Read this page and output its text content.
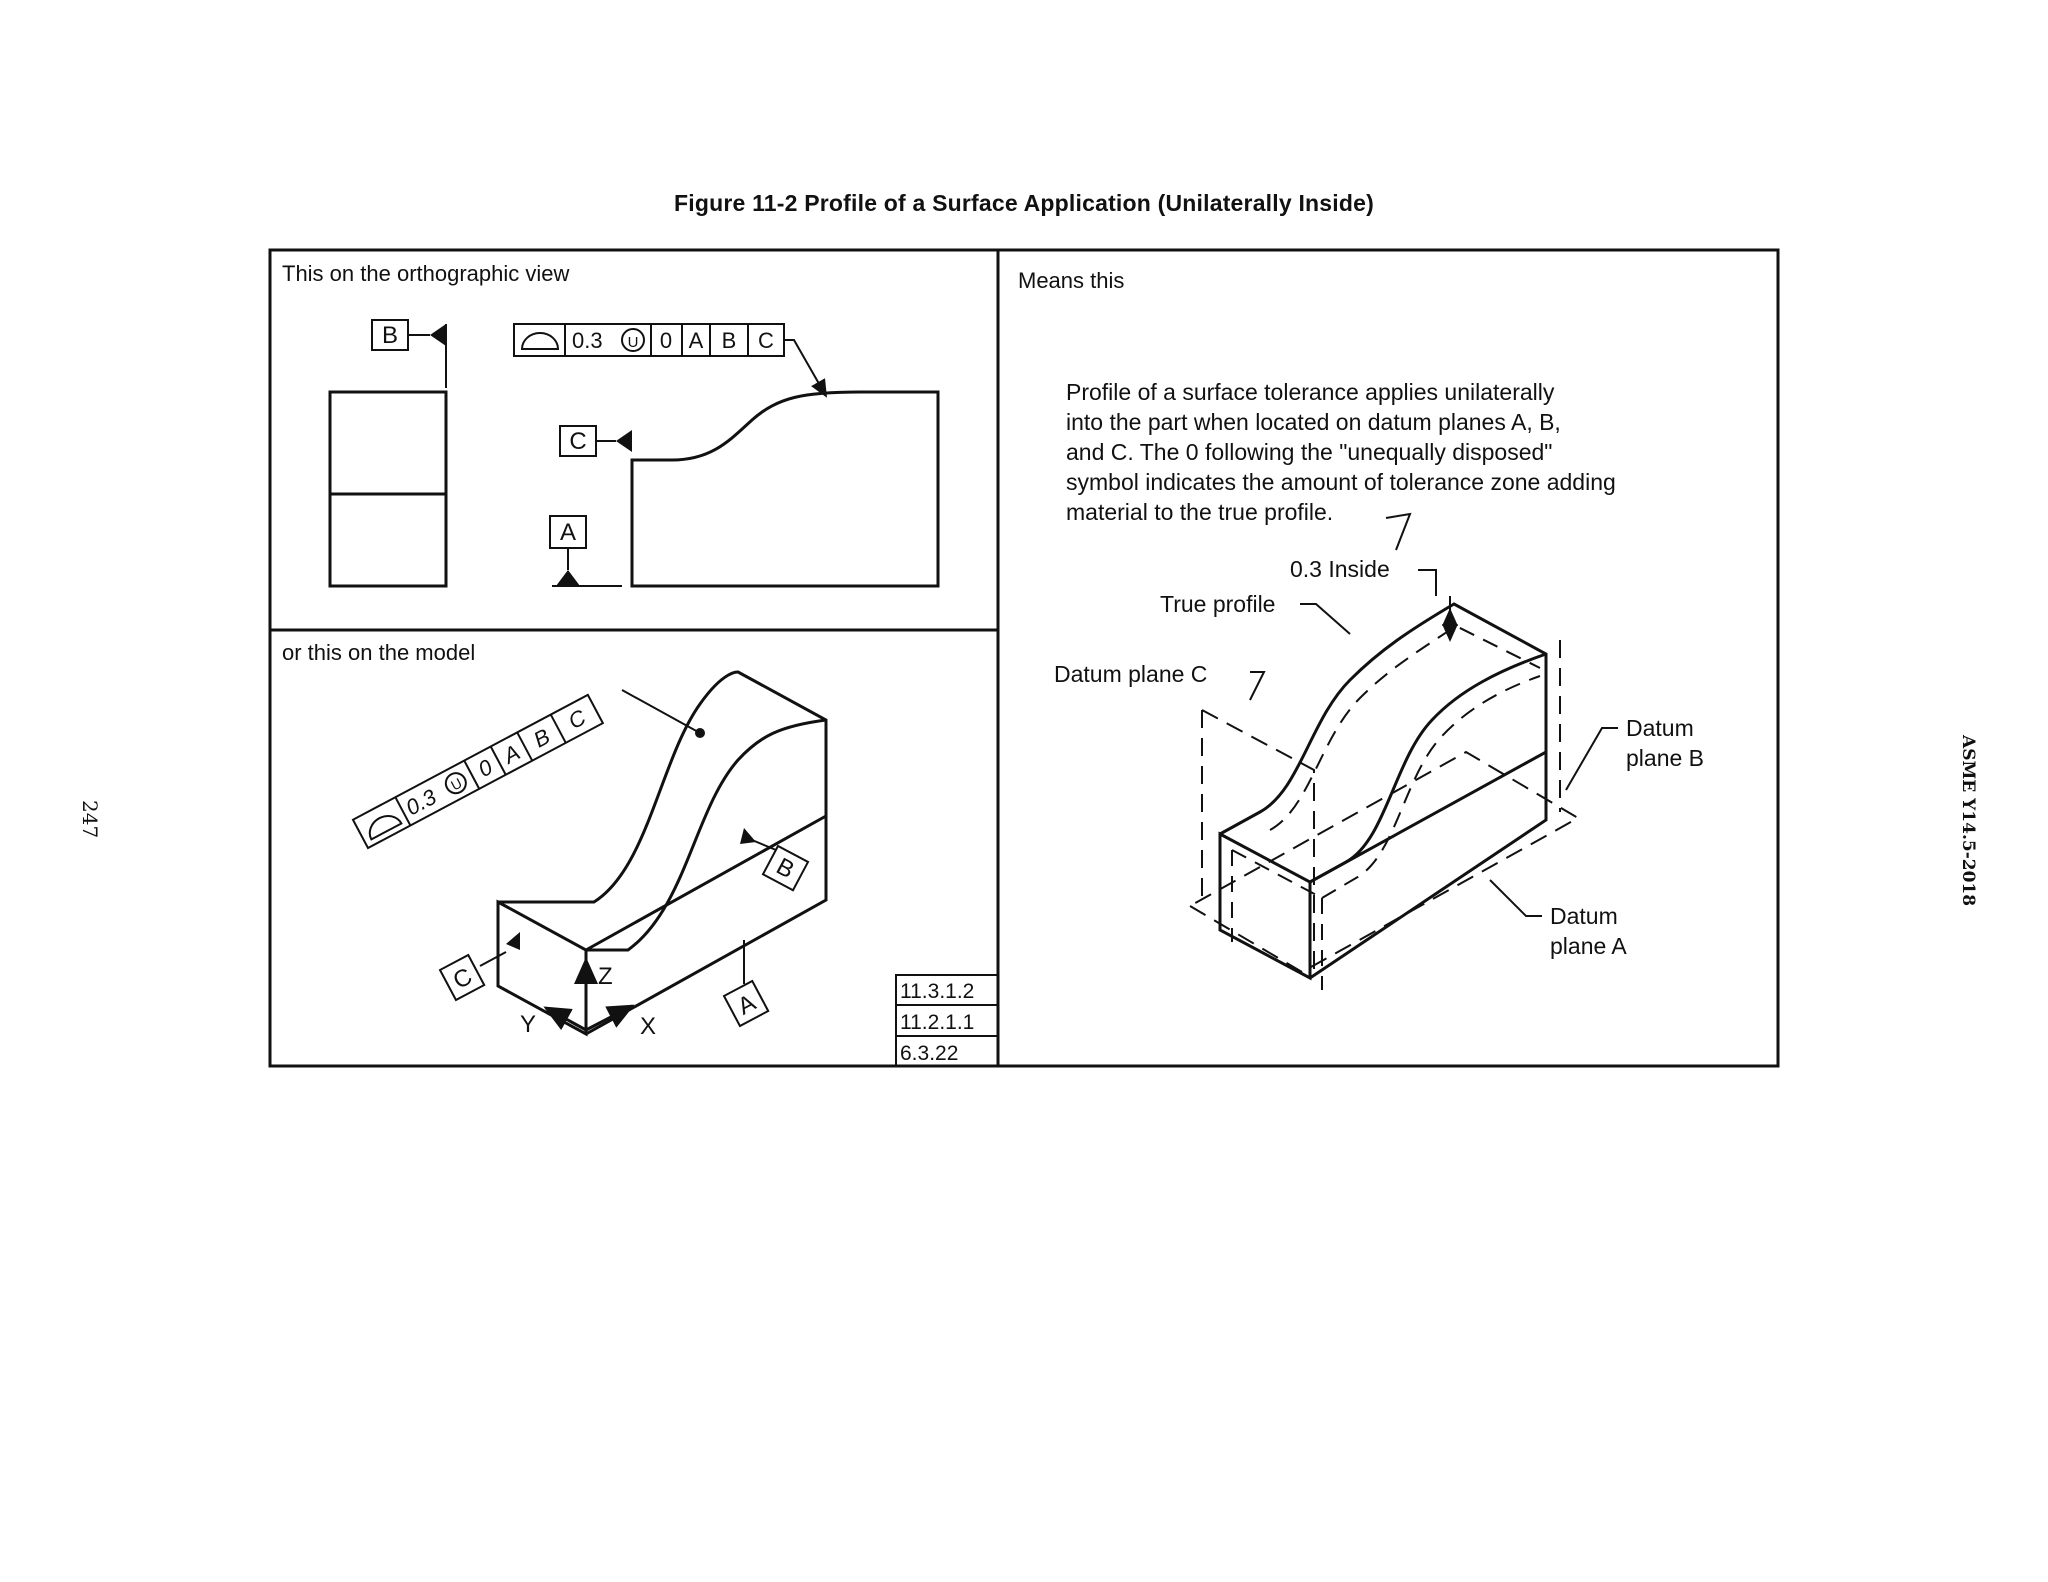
Figure 11-2 Profile of a Surface Application (Unilaterally Inside)
247	ASME Y14.5-2018
This on the orthographic view
B	0.3 U 0 A B C
C
A
or this on the model
0.3 U
0 A
B
C
B
C
A
Z
Y	X
11.3.1.2
11.2.1.1
6.3.22
Means this
Profile of a surface tolerance applies unilaterally
into the part when located on datum planes A, B,
and C. The 0 following the "unequally disposed"
symbol indicates the amount of tolerance zone adding
material to the true profile.
0.3 Inside
True profile
Datum plane C
Datum
plane B
Datum
plane A
